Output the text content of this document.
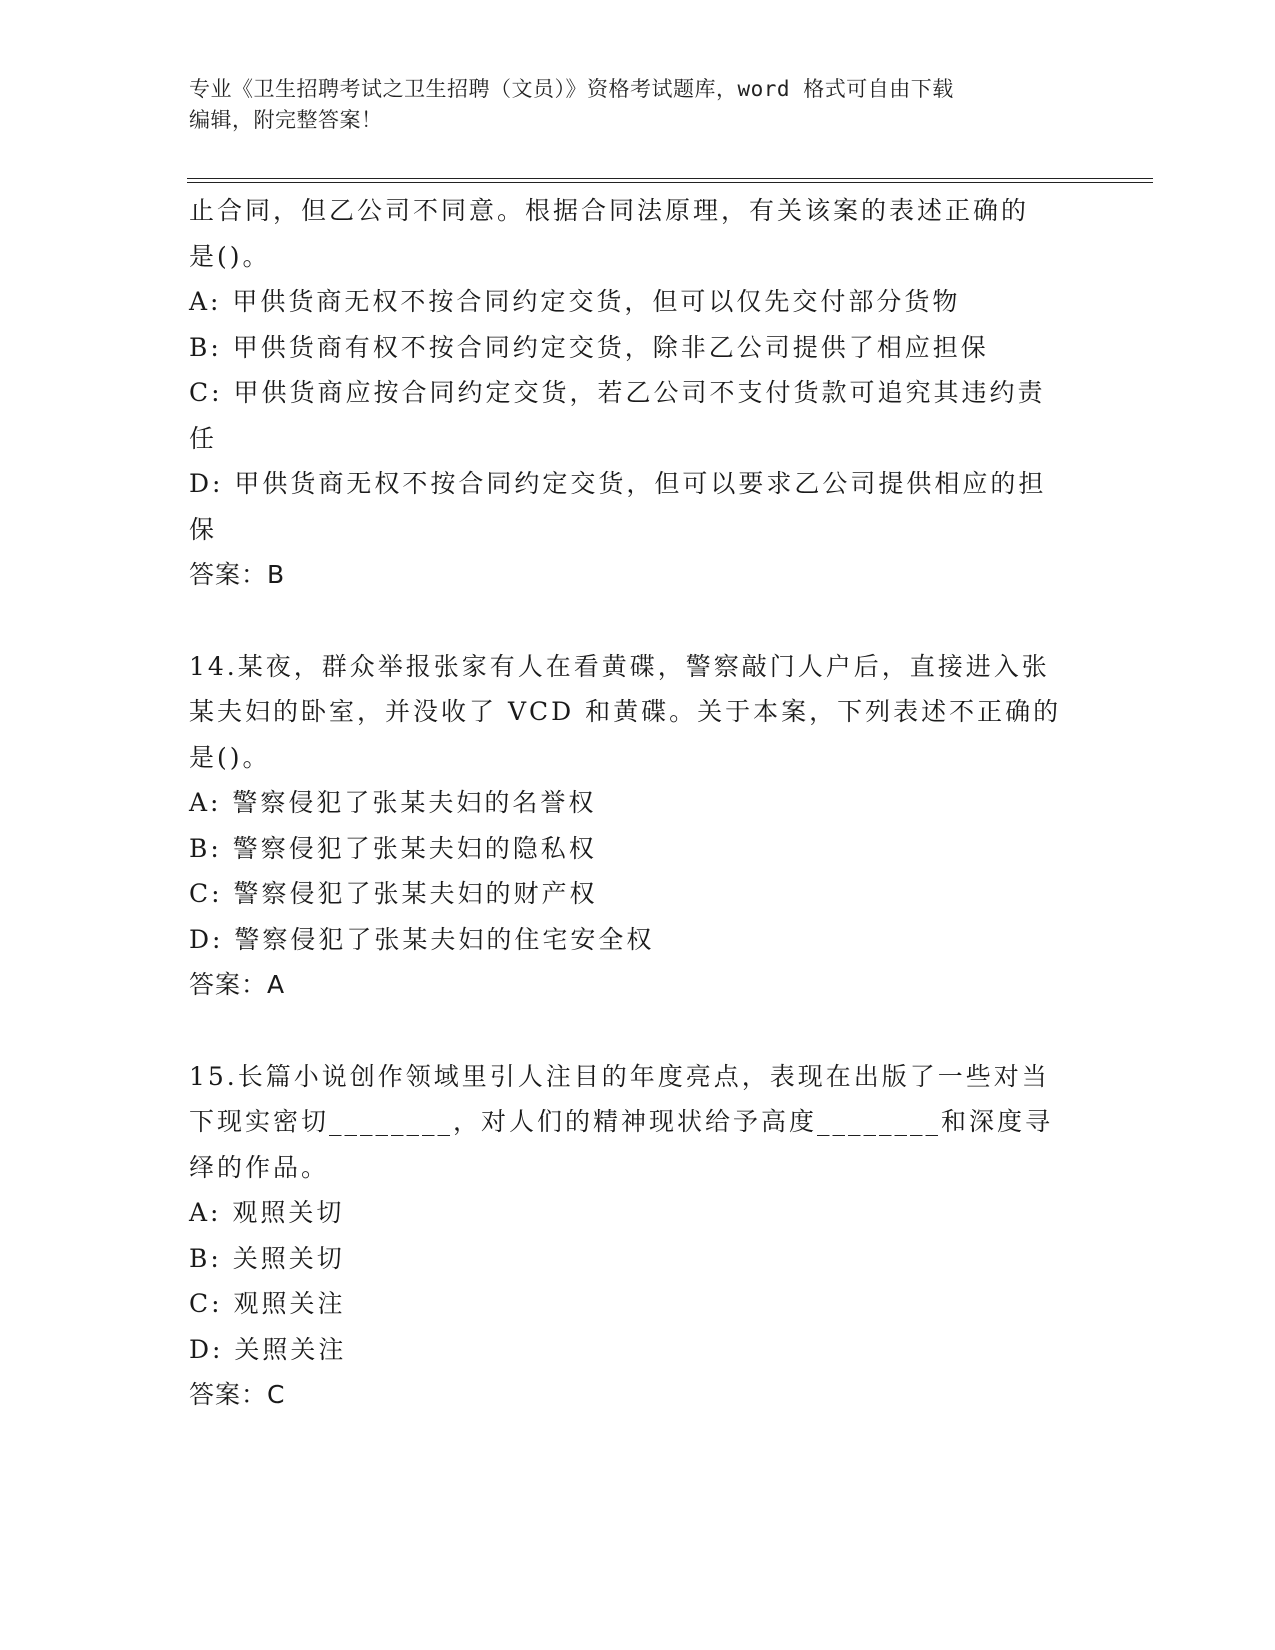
专业《卫生招聘考试之卫生招聘（文员）》资格考试题库，word 格式可自由下载
编辑，附完整答案！

止合同，但乙公司不同意。根据合同法原理，有关该案的表述正确的

是()。

A: 甲供货商无权不按合同约定交货，但可以仅先交付部分货物

B: 甲供货商有权不按合同约定交货，除非乙公司提供了相应担保

C: 甲供货商应按合同约定交货，若乙公司不支付货款可追究其违约责

任

D: 甲供货商无权不按合同约定交货，但可以要求乙公司提供相应的担

保

答案：B

14.某夜，群众举报张家有人在看黄碟，警察敲门人户后，直接进入张

某夫妇的卧室，并没收了 VCD 和黄碟。关于本案，下列表述不正确的

是()。

A: 警察侵犯了张某夫妇的名誉权

B: 警察侵犯了张某夫妇的隐私权

C: 警察侵犯了张某夫妇的财产权

D: 警察侵犯了张某夫妇的住宅安全权

答案：A

15.长篇小说创作领域里引人注目的年度亮点，表现在出版了一些对当

下现实密切________，对人们的精神现状给予高度________和深度寻

绎的作品。

A: 观照关切

B: 关照关切

C: 观照关注

D: 关照关注

答案：C
